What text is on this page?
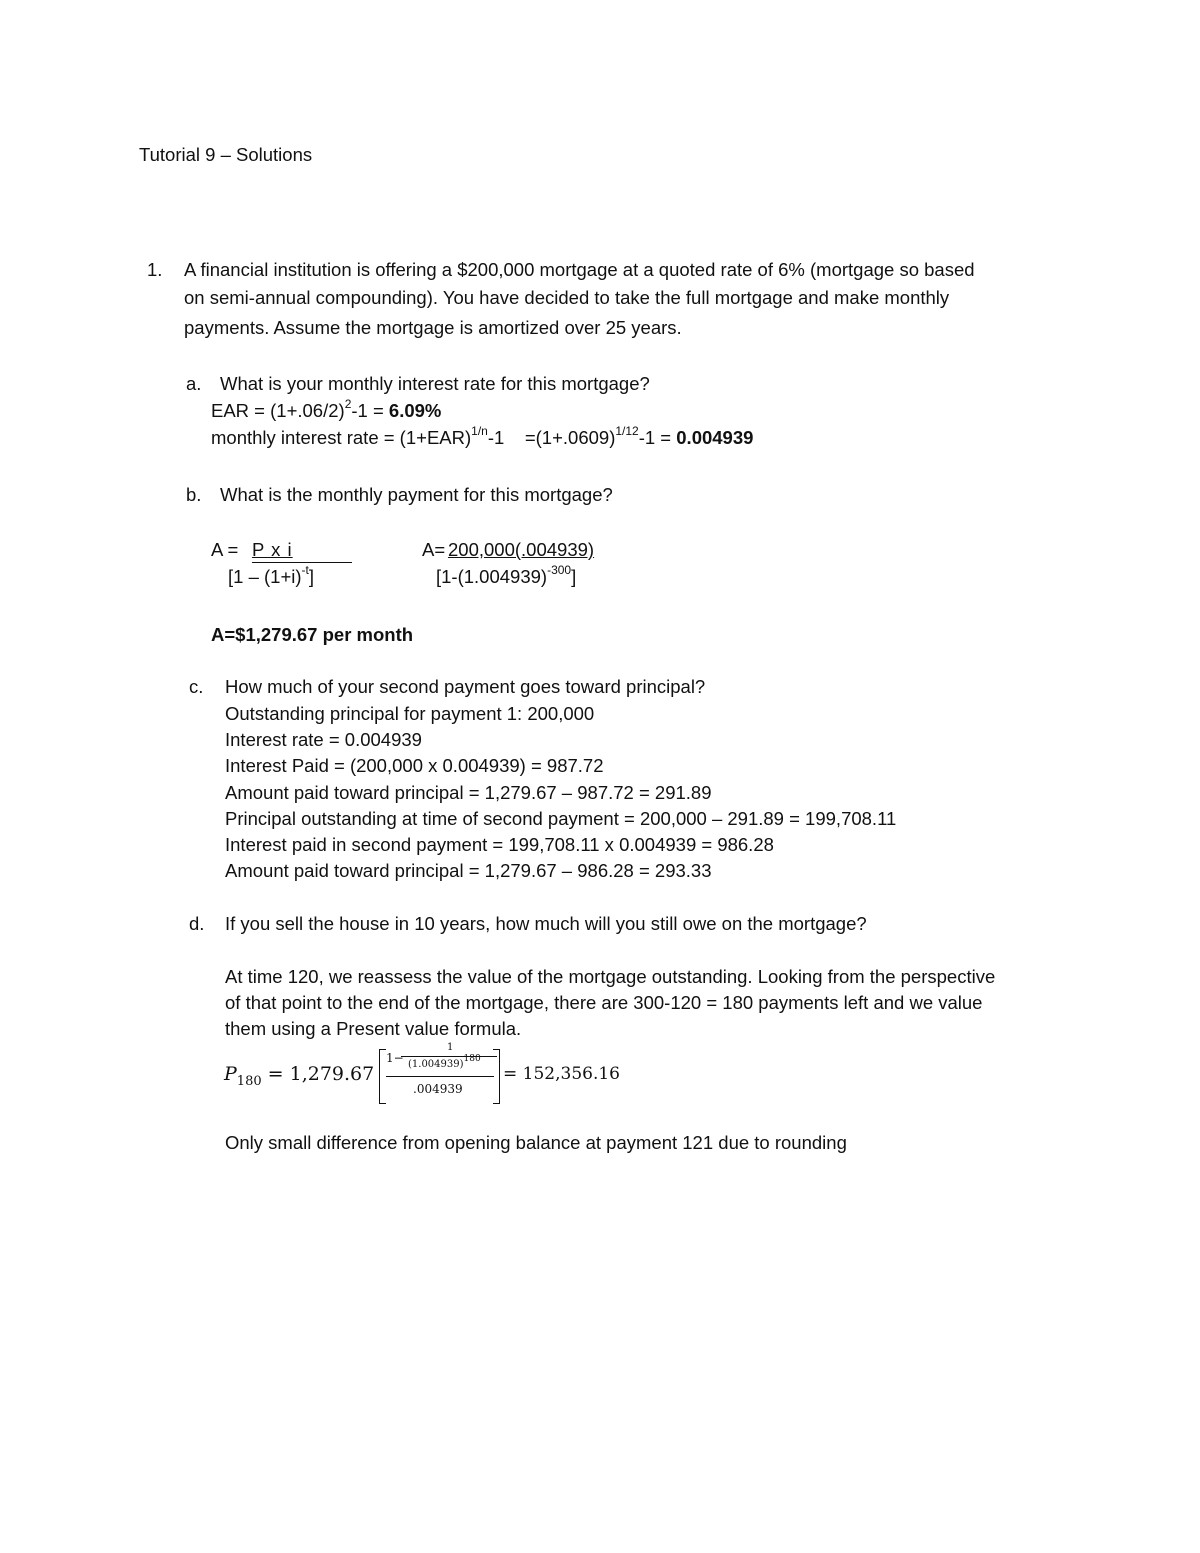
Tutorial 9 – Solutions
1. A financial institution is offering a $200,000 mortgage at a quoted rate of 6% (mortgage so based
on semi-annual compounding). You have decided to take the full mortgage and make monthly
payments. Assume the mortgage is amortized over 25 years.
a. What is your monthly interest rate for this mortgage?
EAR = $(1+.06/2)^2-1 = 6.09\%$
monthly interest rate = $(1+EAR)^{1/n}-1$    $=(1+.0609)^{1/12}-1 = 0.004939$
b. What is the monthly payment for this mortgage?
A = P x i
$[1 - (1+i)^{-t}]$
A= 200,000(.004939)
$[1-(1.004939)^{-300}]$
A=$1,279.67 per month
c. How much of your second payment goes toward principal?
Outstanding principal for payment 1: 200,000
Interest rate = 0.004939
Interest Paid = (200,000 x 0.004939) = 987.72
Amount paid toward principal = 1,279.67 – 987.72 = 291.89
Principal outstanding at time of second payment = 200,000 – 291.89 = 199,708.11
Interest paid in second payment = 199,708.11 x 0.004939 = 986.28
Amount paid toward principal = 1,279.67 – 986.28 = 293.33
d. If you sell the house in 10 years, how much will you still owe on the mortgage?
At time 120, we reassess the value of the mortgage outstanding. Looking from the perspective
of that point to the end of the mortgage, there are 300-120 = 180 payments left and we value
them using a Present value formula.
$P_{180} = 1,279.67$
1−
1
$(1.004939)^{180}$
.004939
= 152,356.16
Only small difference from opening balance at payment 121 due to rounding
